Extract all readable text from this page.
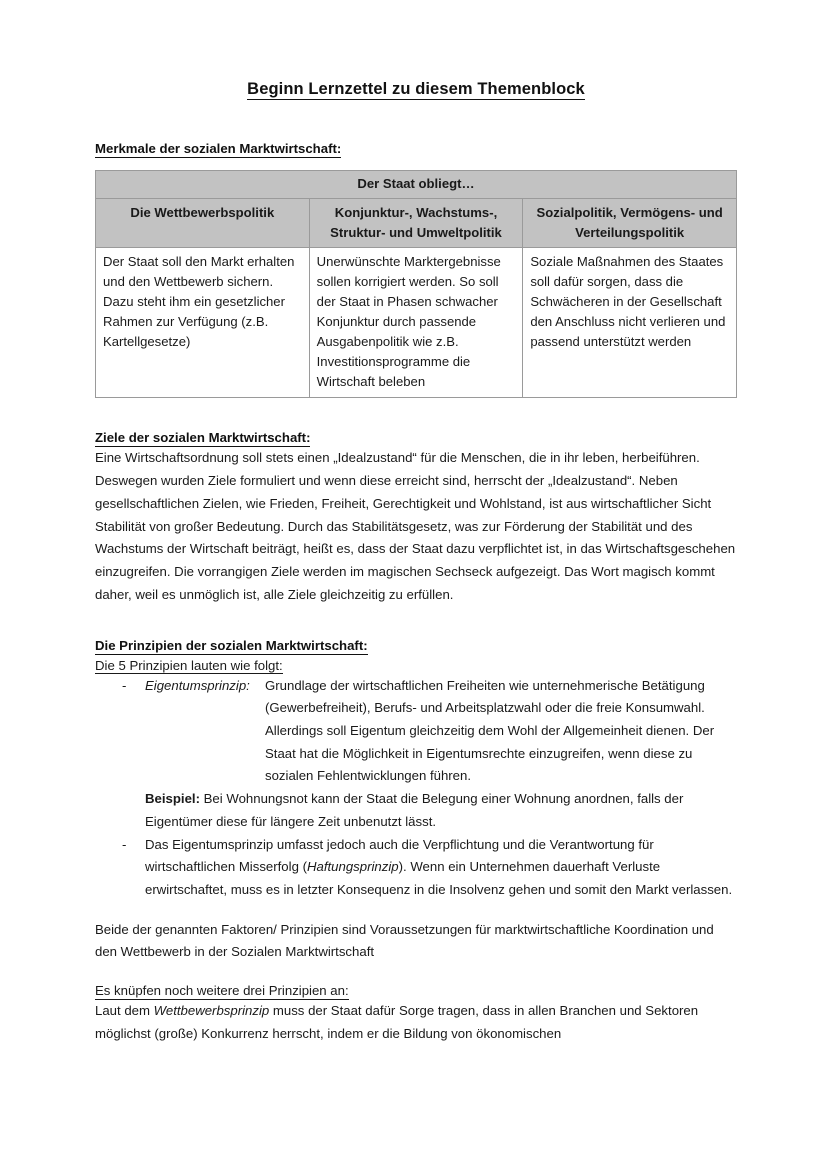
Beginn Lernzettel zu diesem Themenblock
Merkmale der sozialen Marktwirtschaft:
Der Staat obliegt…		
Die Wettbewerbspolitik	Konjunktur-, Wachstums-, Struktur- und Umweltpolitik	Sozialpolitik, Vermögens- und Verteilungspolitik
Der Staat soll den Markt erhalten und den Wettbewerb sichern. Dazu steht ihm ein gesetzlicher Rahmen zur Verfügung (z.B. Kartellgesetze)	Unerwünschte Marktergebnisse sollen korrigiert werden. So soll der Staat in Phasen schwacher Konjunktur durch passende Ausgabenpolitik wie z.B. Investitionsprogramme die Wirtschaft beleben	Soziale Maßnahmen des Staates soll dafür sorgen, dass die Schwächeren in der Gesellschaft den Anschluss nicht verlieren und passend unterstützt werden
Ziele der sozialen Marktwirtschaft:

Eine Wirtschaftsordnung soll stets einen „Idealzustand“ für die Menschen, die in ihr leben, herbeiführen. Deswegen wurden Ziele formuliert und wenn diese erreicht sind, herrscht der „Idealzustand“. Neben gesellschaftlichen Zielen, wie Frieden, Freiheit, Gerechtigkeit und Wohlstand, ist aus wirtschaftlicher Sicht Stabilität von großer Bedeutung. Durch das Stabilitätsgesetz, was zur Förderung der Stabilität und des Wachstums der Wirtschaft beiträgt, heißt es, dass der Staat dazu verpflichtet ist, in das Wirtschaftsgeschehen einzugreifen. Die vorrangigen Ziele werden im magischen Sechseck aufgezeigt. Das Wort magisch kommt daher, weil es unmöglich ist, alle Ziele gleichzeitig zu erfüllen.

Die Prinzipien der sozialen Marktwirtschaft:
Die 5 Prinzipien lauten wie folgt:
-	Eigentumsprinzip:	Grundlage der wirtschaftlichen Freiheiten wie unternehmerische Betätigung (Gewerbefreiheit), Berufs- und Arbeitsplatzwahl oder die freie Konsumwahl. Allerdings soll Eigentum gleichzeitig dem Wohl der Allgemeinheit dienen. Der Staat hat die Möglichkeit in Eigentumsrechte einzugreifen, wenn diese zu sozialen Fehlentwicklungen führen.
Beispiel: Bei Wohnungsnot kann der Staat die Belegung einer Wohnung anordnen, falls der Eigentümer diese für längere Zeit unbenutzt lässt.
-	Das Eigentumsprinzip umfasst jedoch auch die Verpflichtung und die Verantwortung für wirtschaftlichen Misserfolg (Haftungsprinzip). Wenn ein Unternehmen dauerhaft Verluste erwirtschaftet, muss es in letzter Konsequenz in die Insolvenz gehen und somit den Markt verlassen.

Beide der genannten Faktoren/ Prinzipien sind Voraussetzungen für marktwirtschaftliche Koordination und den Wettbewerb in der Sozialen Marktwirtschaft

Es knüpfen noch weitere drei Prinzipien an:

Laut dem Wettbewerbsprinzip muss der Staat dafür Sorge tragen, dass in allen Branchen und Sektoren möglichst (große) Konkurrenz herrscht, indem er die Bildung von ökonomischen
